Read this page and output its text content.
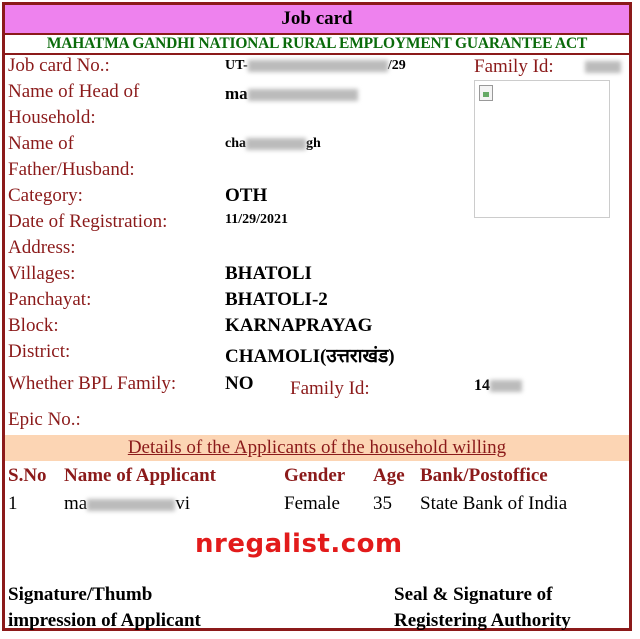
Job card
MAHATMA GANDHI NATIONAL RURAL EMPLOYMENT GUARANTEE ACT
Job card No.:	UT-	/29	Family Id:
Name of Head of
Household:
ma
Name of
Father/Husband:
cha	gh
Category:	OTH
Date of Registration:	11/29/2021
Address:
Villages:	BHATOLI
Panchayat:	BHATOLI-2
Block:	KARNAPRAYAG
District:	CHAMOLI(उत्तराखंड)
Whether BPL Family:	NO Family Id:	14
Epic No.:
Details of the Applicants of the household willing
S.No Name of Applicant	Gender Age Bank/Postoffice
1 ma	vi	Female 35 State Bank of India
nregalist.com
Signature/Thumb
impression of Applicant
Seal & Signature of
Registering Authority
